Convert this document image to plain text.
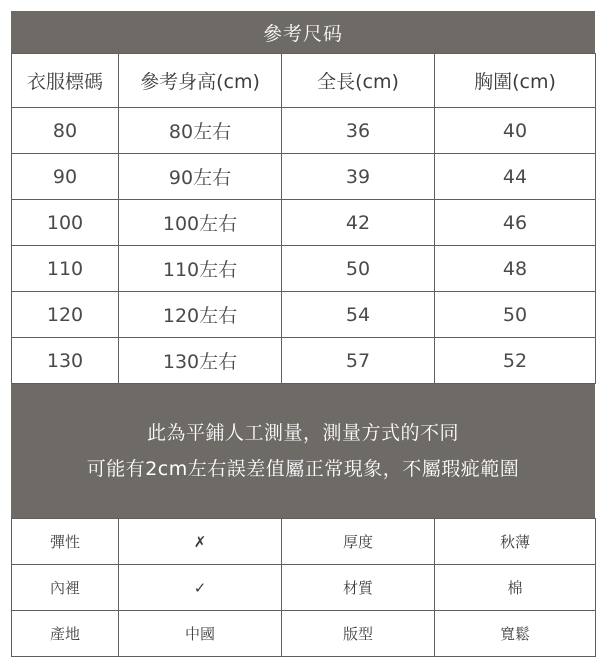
參考尺码
衣服標碼	參考身高(cm)	全長(cm)	胸圍(cm)
80	80左右	36	40
90	90左右	39	44
100	100左右	42	46
110	110左右	50	48
120	120左右	54	50
130	130左右	57	52
此為平鋪人工測量，測量方式的不同
可能有2cm左右誤差值屬正常現象，不屬瑕疵範圍
彈性	✗	厚度	秋薄
內裡	✓	材質	棉
產地	中國	版型	寬鬆
